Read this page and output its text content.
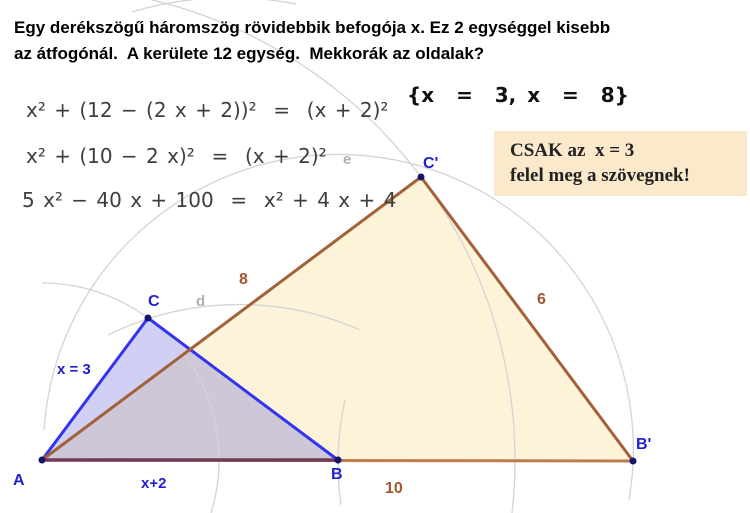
Egy derékszögű háromszög rövidebbik befogója x. Ez 2 egységgel kisebb
az átfogónál.  A kerülete 12 egység.  Mekkorák az oldalak?
x² + (12 − (2 x + 2))²  =  (x + 2)²
x² + (10 − 2 x)²  =  (x + 2)²
5 x² − 40 x + 100  =  x² + 4 x + 4
{x  =  3, x  =  8}
CSAK az  x = 3
felel meg a szövegnek!
A	B
C
B'
C'
x = 3
x+2
8
6
10
d
e
